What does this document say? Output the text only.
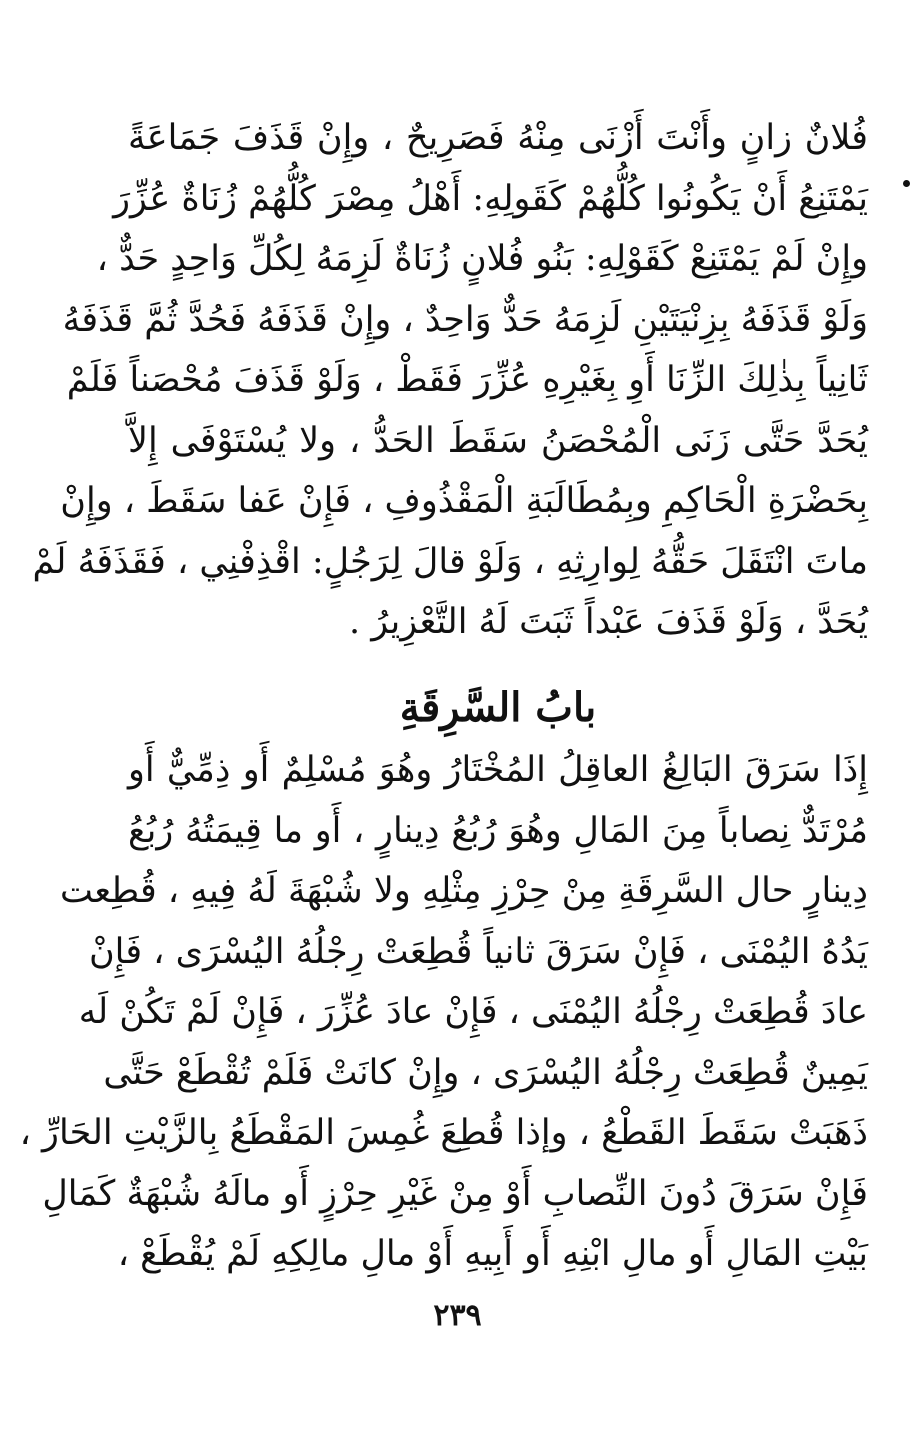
فُلانٌ زانٍ وأَنْتَ أَزْنَى مِنْهُ فَصَرِيحٌ ، وإِنْ قَذَفَ جَمَاعَةً
يَمْتَنِعُ أَنْ يَكُونُوا كُلُّهُمْ كَقَولِهِ: أَهْلُ مِصْرَ كُلُّهُمْ زُنَاةٌ عُزِّرَ
وإِنْ لَمْ يَمْتَنِعْ كَقَوْلِهِ: بَنُو فُلانٍ زُنَاةٌ لَزِمَهُ لِكُلِّ وَاحِدٍ حَدٌّ ،
وَلَوْ قَذَفَهُ بِزِنْيَتَيْنِ لَزِمَهُ حَدٌّ وَاحِدٌ ، وإِنْ قَذَفَهُ فَحُدَّ ثُمَّ قَذَفَهُ
ثَانِياً بِذٰلِكَ الزِّنَا أَوِ بِغَيْرِهِ عُزِّرَ فَقَطْ ، وَلَوْ قَذَفَ مُحْصَناً فَلَمْ
يُحَدَّ حَتَّى زَنَى الْمُحْصَنُ سَقَطَ الحَدُّ ، ولا يُسْتَوْفَى إِلاَّ
بِحَضْرَةِ الْحَاكِمِ وبِمُطَالَبَةِ الْمَقْذُوفِ ، فَإِنْ عَفا سَقَطَ ، وإِنْ
ماتَ انْتَقَلَ حَقُّهُ لِوارِثِهِ ، وَلَوْ قالَ لِرَجُلٍ: اقْذِفْنِي ، فَقَذَفَهُ لَمْ
يُحَدَّ ، وَلَوْ قَذَفَ عَبْداً ثَبَتَ لَهُ التَّعْزِيرُ .
بابُ السَّرِقَةِ
إِذَا سَرَقَ البَالِغُ العاقِلُ المُخْتَارُ وهُوَ مُسْلِمٌ أَو ذِمِّيٌّ أَو
مُرْتَدٌّ نِصاباً مِنَ المَالِ وهُوَ رُبُعُ دِينارٍ ، أَو ما قِيمَتُهُ رُبُعُ
دِينارٍ حال السَّرِقَةِ مِنْ حِرْزِ مِثْلِهِ ولا شُبْهَةَ لَهُ فِيهِ ، قُطِعت
يَدُهُ اليُمْنَى ، فَإِنْ سَرَقَ ثانياً قُطِعَتْ رِجْلُهُ اليُسْرَى ، فَإِنْ
عادَ قُطِعَتْ رِجْلُهُ اليُمْنَى ، فَإِنْ عادَ عُزِّرَ ، فَإِنْ لَمْ تَكُنْ لَه
يَمِينٌ قُطِعَتْ رِجْلُهُ اليُسْرَى ، وإِنْ كانَتْ فَلَمْ تُقْطَعْ حَتَّى
ذَهَبَتْ سَقَطَ القَطْعُ ، وإذا قُطِعَ غُمِسَ المَقْطَعُ بِالزَّيْتِ الحَارِّ ،
فَإِنْ سَرَقَ دُونَ النِّصابِ أَوْ مِنْ غَيْرِ حِرْزٍ أَو مالَهُ شُبْهَةٌ كَمَالِ
بَيْتِ المَالِ أَو مالِ ابْنِهِ أَو أَبِيهِ أَوْ مالِ مالِكِهِ لَمْ يُقْطَعْ ،
٢٣٩
